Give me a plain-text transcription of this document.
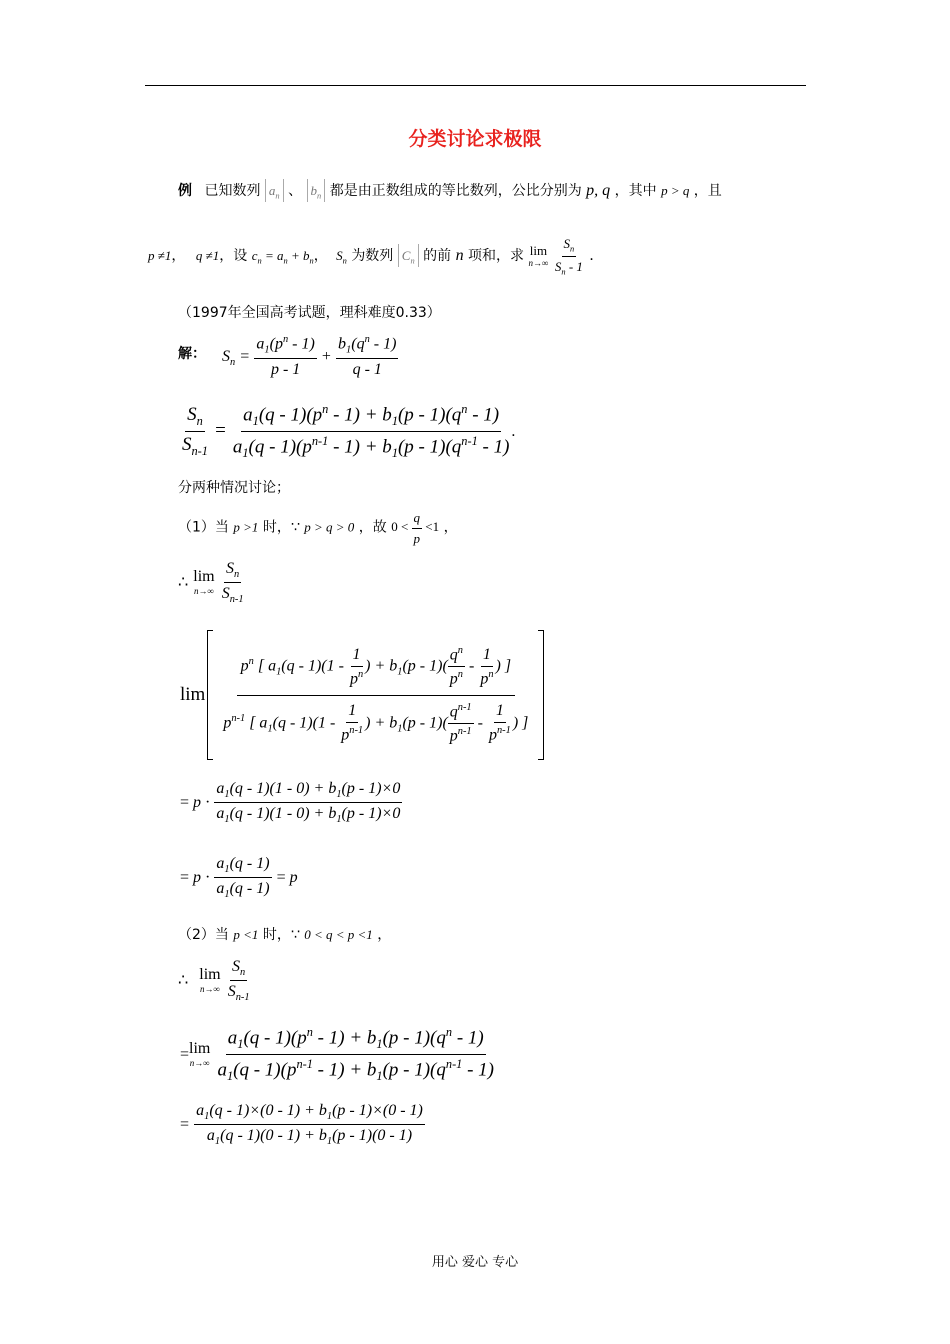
分类讨论求极限
例 已知数列 $a_n$ 、 $b_n$ 都是由正数组成的等比数列，公比分别为 p, q ，其中 p > q ，且
p ≠1， q ≠1，设 $c_n = a_n + b_n$， $S_n$ 为数列 $C_n$ 的前 n 项和，求 lim
n→∞
$\frac{S_n}{S_n - 1}$ ．
（1997年全国高考试题，理科难度0.33）
解： $S_n = \frac{a_1(p^n - 1)}{p - 1} + \frac{b_1(q^n - 1)}{q - 1}$
$\frac{S_n}{S_{n-1}} = \frac{a_1(q - 1)(p^n - 1) + b_1(p - 1)(q^n - 1)}{a_1(q - 1)(p^{n-1} - 1) + b_1(p - 1)(q^{n-1} - 1)}$ .
分两种情况讨论；
（1）当 p >1 时，∵ p > q > 0 ，故 $0 < \frac{q}{p} <1$ ，
∴ lim
n→∞
$\frac{S_n}{S_{n-1}}$
$\lim \frac{p^n [ a_1(q - 1)(1 - \frac{1}{p^n} ) + b_1(p - 1)( \frac{q^n}{p^n} - \frac{1}{p^n} ) ]}{p^{n-1} [ a_1(q - 1)(1 - \frac{1}{p^{n-1}} ) + b_1(p - 1)( \frac{q^{n-1}}{p^{n-1}} - \frac{1}{p^{n-1}} ) ]}$
= $p \cdot \frac{a_1(q - 1)(1 - 0) + b_1(p - 1)\times 0}{a_1(q - 1)(1 - 0) + b_1(p - 1)\times 0}$
= $p \cdot \frac{a_1(q - 1)}{a_1(q - 1)} = p$
（2）当 p <1 时，∵ 0 < q < p <1 ，
∴ lim
n→∞
$\frac{S_n}{S_{n-1}}$
=lim
n→∞
$\frac{a_1(q - 1)(p^n - 1) + b_1(p - 1)(q^n - 1)}{a_1(q - 1)(p^{n-1} - 1) + b_1(p - 1)(q^{n-1} - 1)}$
= $\frac{a_1(q - 1)\times(0 - 1) + b_1(p - 1)\times(0 - 1)}{a_1(q - 1)(0 - 1) + b_1(p - 1)(0 - 1)}$
用心 爱心 专心
